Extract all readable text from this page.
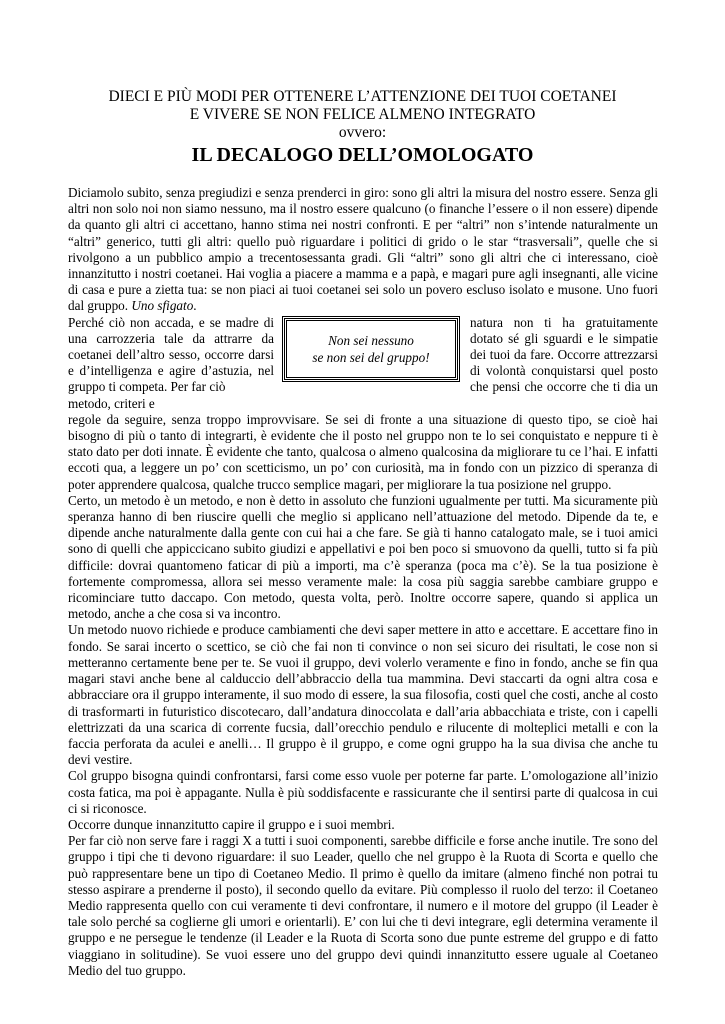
DIECI E PIÙ MODI PER OTTENERE L’ATTENZIONE DEI TUOI COETANEI
E VIVERE SE NON FELICE ALMENO INTEGRATO
ovvero:
IL DECALOGO DELL’OMOLOGATO

Diciamolo subito, senza pregiudizi e senza prenderci in giro: sono gli altri la misura del nostro essere. Senza gli altri non solo noi non siamo nessuno, ma il nostro essere qualcuno (o finanche l’essere o il non essere) dipende da quanto gli altri ci accettano, hanno stima nei nostri confronti. E per “altri” non s’intende naturalmente un “altri” generico, tutti gli altri: quello può riguardare i politici di grido o le star “trasversali”, quelle che si rivolgono a un pubblico ampio a trecentosessanta gradi. Gli “altri” sono gli altri che ci interessano, cioè innanzitutto i nostri coetanei. Hai voglia a piacere a mamma e a papà, e magari pure agli insegnanti, alle vicine di casa e pure a zietta tua: se non piaci ai tuoi coetanei sei solo un povero escluso isolato e musone. Uno fuori dal gruppo. Uno sfigato.

Perché ciò non accada, e se madre di una carrozzeria tale da attrarre da coetanei dell’altro sesso, occorre darsi e d’intelligenza e agire d’astuzia, nel gruppo ti competa. Per far ciò
Non sei nessuno
se non sei del gruppo!
natura non ti ha gratuitamente dotato sé gli sguardi e le simpatie dei tuoi da fare. Occorre attrezzarsi di volontà conquistarsi quel posto che pensi che occorre che ti dia un metodo, criteri e

regole da seguire, senza troppo improvvisare. Se sei di fronte a una situazione di questo tipo, se cioè hai bisogno di più o tanto di integrarti, è evidente che il posto nel gruppo non te lo sei conquistato e neppure ti è stato dato per doti innate. È evidente che tanto, qualcosa o almeno qualcosina da migliorare tu ce l’hai. E infatti eccoti qua, a leggere un po’ con scetticismo, un po’ con curiosità, ma in fondo con un pizzico di speranza di poter apprendere qualcosa, qualche trucco semplice magari, per migliorare la tua posizione nel gruppo.

Certo, un metodo è un metodo, e non è detto in assoluto che funzioni ugualmente per tutti. Ma sicuramente più speranza hanno di ben riuscire quelli che meglio si applicano nell’attuazione del metodo. Dipende da te, e dipende anche naturalmente dalla gente con cui hai a che fare. Se già ti hanno catalogato male, se i tuoi amici sono di quelli che appiccicano subito giudizi e appellativi e poi ben poco si smuovono da quelli, tutto si fa più difficile: dovrai quantomeno faticar di più a importi, ma c’è speranza (poca ma c’è). Se la tua posizione è fortemente compromessa, allora sei messo veramente male: la cosa più saggia sarebbe cambiare gruppo e ricominciare tutto daccapo. Con metodo, questa volta, però. Inoltre occorre sapere, quando si applica un metodo, anche a che cosa si va incontro.

Un metodo nuovo richiede e produce cambiamenti che devi saper mettere in atto e accettare. E accettare fino in fondo. Se sarai incerto o scettico, se ciò che fai non ti convince o non sei sicuro dei risultati, le cose non si metteranno certamente bene per te. Se vuoi il gruppo, devi volerlo veramente e fino in fondo, anche se fin qua magari stavi anche bene al calduccio dell’abbraccio della tua mammina. Devi staccarti da ogni altra cosa e abbracciare ora il gruppo interamente, il suo modo di essere, la sua filosofia, costi quel che costi, anche al costo di trasformarti in futuristico discotecaro, dall’andatura dinoccolata e dall’aria abbacchiata e triste, con i capelli elettrizzati da una scarica di corrente fucsia, dall’orecchio pendulo e rilucente di molteplici metalli e con la faccia perforata da aculei e anelli… Il gruppo è il gruppo, e come ogni gruppo ha la sua divisa che anche tu devi vestire.

Col gruppo bisogna quindi confrontarsi, farsi come esso vuole per poterne far parte. L’omologazione all’inizio costa fatica, ma poi è appagante. Nulla è più soddisfacente e rassicurante che il sentirsi parte di qualcosa in cui ci si riconosce.

Occorre dunque innanzitutto capire il gruppo e i suoi membri.

Per far ciò non serve fare i raggi X a tutti i suoi componenti, sarebbe difficile e forse anche inutile. Tre sono del gruppo i tipi che ti devono riguardare: il suo Leader, quello che nel gruppo è la Ruota di Scorta e quello che può rappresentare bene un tipo di Coetaneo Medio. Il primo è quello da imitare (almeno finché non potrai tu stesso aspirare a prenderne il posto), il secondo quello da evitare. Più complesso il ruolo del terzo: il Coetaneo Medio rappresenta quello con cui veramente ti devi confrontare, il numero e il motore del gruppo (il Leader è tale solo perché sa coglierne gli umori e orientarli). E’ con lui che ti devi integrare, egli determina veramente il gruppo e ne persegue le tendenze (il Leader e la Ruota di Scorta sono due punte estreme del gruppo e di fatto viaggiano in solitudine). Se vuoi essere uno del gruppo devi quindi innanzitutto essere uguale al Coetaneo Medio del tuo gruppo.
